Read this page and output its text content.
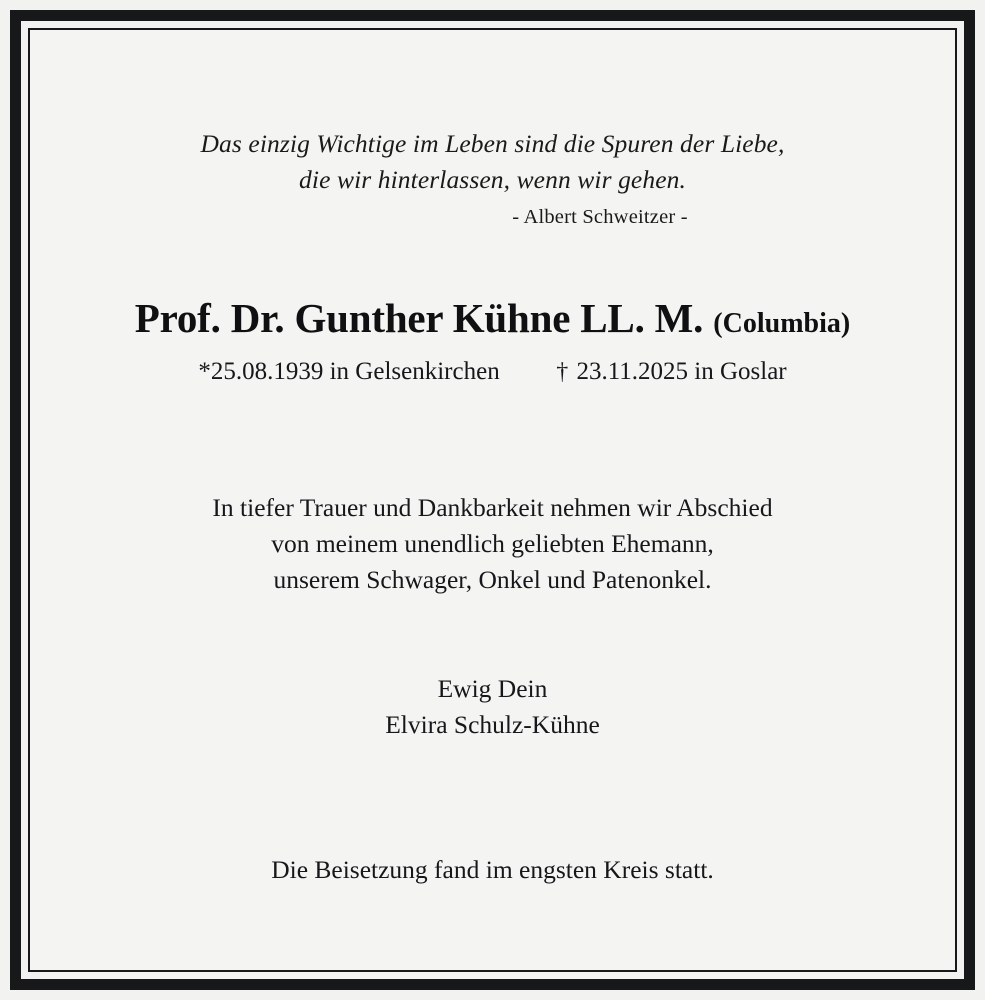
Das einzig Wichtige im Leben sind die Spuren der Liebe,
die wir hinterlassen, wenn wir gehen.
- Albert Schweitzer -
Prof. Dr. Gunther Kühne LL. M. (Columbia)
*25.08.1939 in Gelsenkirchen † 23.11.2025 in Goslar
In tiefer Trauer und Dankbarkeit nehmen wir Abschied
von meinem unendlich geliebten Ehemann,
unserem Schwager, Onkel und Patenonkel.
Ewig Dein
Elvira Schulz-Kühne
Die Beisetzung fand im engsten Kreis statt.
